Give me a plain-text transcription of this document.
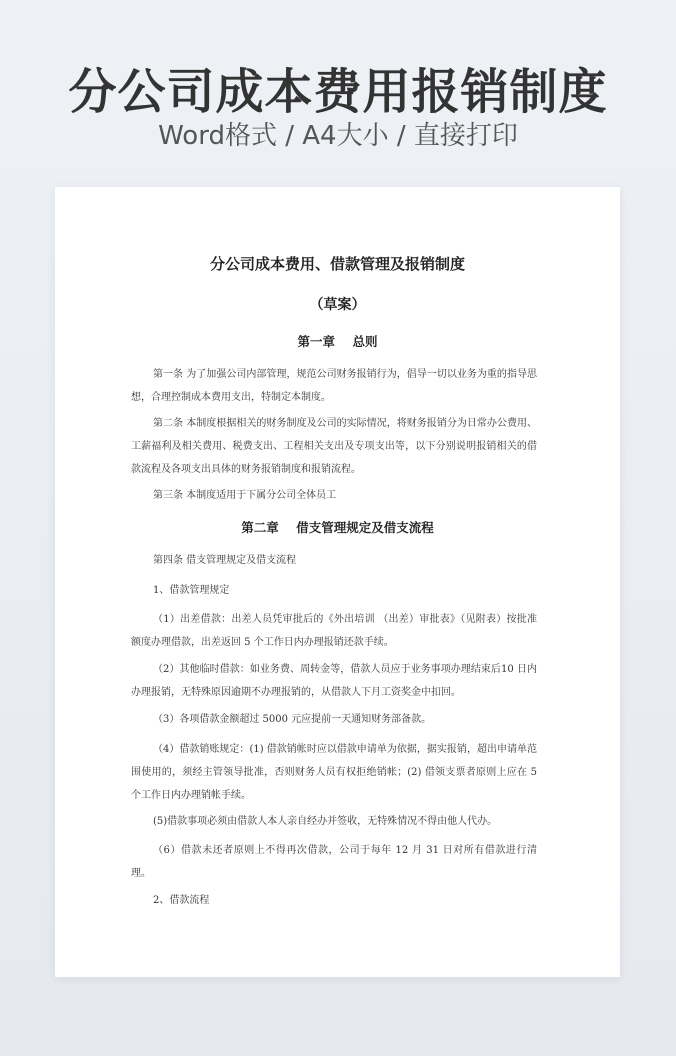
分公司成本费用报销制度
Word格式 / A4大小 / 直接打印
分公司成本费用、借款管理及报销制度
（草案）
第一章    总则
第一条 为了加强公司内部管理，规范公司财务报销行为，倡导一切以业务为重的指导思想，合理控制成本费用支出，特制定本制度。
第二条 本制度根据相关的财务制度及公司的实际情况，将财务报销分为日常办公费用、工薪福利及相关费用、税费支出、工程相关支出及专项支出等，以下分别说明报销相关的借款流程及各项支出具体的财务报销制度和报销流程。
第三条 本制度适用于下属分公司全体员工
第二章    借支管理规定及借支流程
第四条 借支管理规定及借支流程
1、借款管理规定
（1）出差借款：出差人员凭审批后的《外出培训 （出差）审批表》（见附表）按批准额度办理借款，出差返回 5 个工作日内办理报销还款手续。
（2）其他临时借款：如业务费、周转金等，借款人员应于业务事项办理结束后10 日内办理报销，无特殊原因逾期不办理报销的，从借款人下月工资奖金中扣回。
（3）各项借款金额超过 5000 元应提前一天通知财务部备款。
（4）借款销账规定：(1) 借款销帐时应以借款申请单为依据，据实报销，超出申请单范围使用的，须经主管领导批准，否则财务人员有权拒绝销帐；(2) 借领支票者原则上应在 5 个工作日内办理销帐手续。
(5)借款事项必须由借款人本人亲自经办并签收，无特殊情况不得由他人代办。
（6）借款未还者原则上不得再次借款，公司于每年 12 月 31 日对所有借款进行清理。
2、借款流程
